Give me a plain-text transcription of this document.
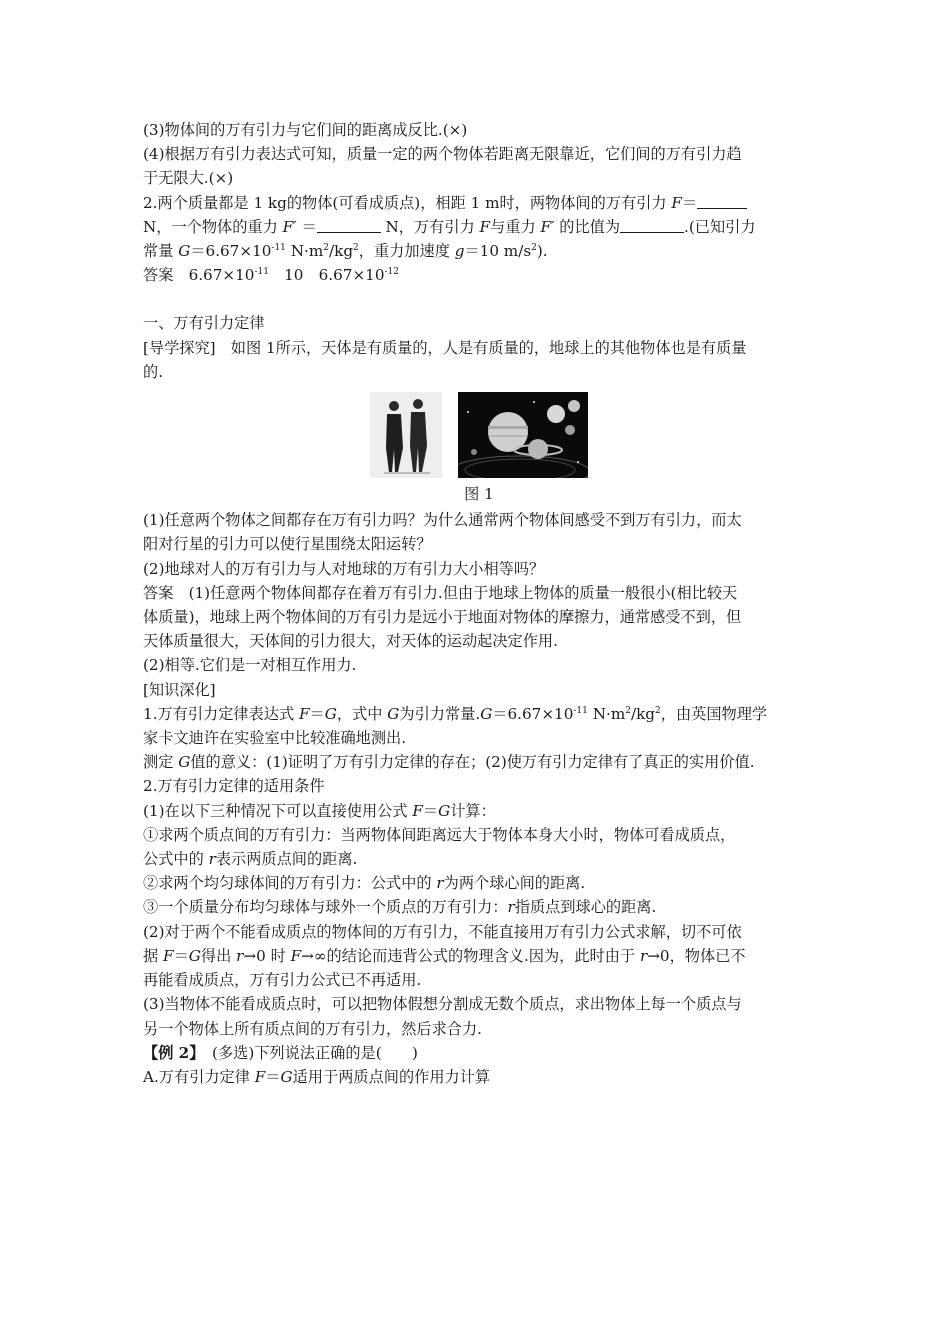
(3)物体间的万有引力与它们间的距离成反比.(×)

(4)根据万有引力表达式可知，质量一定的两个物体若距离无限靠近，它们间的万有引力趋

于无限大.(×)

2.两个质量都是 1 kg的物体(可看成质点)，相距 1 m时，两物体间的万有引力 F＝

N，一个物体的重力 F′ ＝	N，万有引力 F与重力 F′ 的比值为	.(已知引力

常量 $G=6.67\times 10^{-11}$ $N\cdot m^2/kg^2$，重力加速度 g＝10 $m/s^2$).

答案　$6.67\times 10^{-11}$　10　$6.67\times 10^{-12}$

一、万有引力定律

[导学探究]　如图 1所示，天体是有质量的，人是有质量的，地球上的其他物体也是有质量

的.

图 1

(1)任意两个物体之间都存在万有引力吗？为什么通常两个物体间感受不到万有引力，而太

阳对行星的引力可以使行星围绕太阳运转？

(2)地球对人的万有引力与人对地球的万有引力大小相等吗？

答案　(1)任意两个物体间都存在着万有引力.但由于地球上物体的质量一般很小(相比较天

体质量)，地球上两个物体间的万有引力是远小于地面对物体的摩擦力，通常感受不到，但

天体质量很大，天体间的引力很大，对天体的运动起决定作用.

(2)相等.它们是一对相互作用力.

[知识深化]

1.万有引力定律表达式 F＝G，式中 G为引力常量$.G=6.67\times 10^{-11}$ $N\cdot m^2/kg^2$，由英国物理学

家卡文迪许在实验室中比较准确地测出.

测定 G值的意义：(1)证明了万有引力定律的存在；(2)使万有引力定律有了真正的实用价值.

2.万有引力定律的适用条件

(1)在以下三种情况下可以直接使用公式 F＝G计算：

①求两个质点间的万有引力：当两物体间距离远大于物体本身大小时，物体可看成质点，

公式中的 r表示两质点间的距离.

②求两个均匀球体间的万有引力：公式中的 r为两个球心间的距离.

③一个质量分布均匀球体与球外一个质点的万有引力：r指质点到球心的距离.

(2)对于两个不能看成质点的物体间的万有引力，不能直接用万有引力公式求解，切不可依

据 F＝G得出 r→0 时 F→∞的结论而违背公式的物理含义.因为，此时由于 r→0，物体已不

再能看成质点，万有引力公式已不再适用.

(3)当物体不能看成质点时，可以把物体假想分割成无数个质点，求出物体上每一个质点与

另一个物体上所有质点间的万有引力，然后求合力.

【例 2】　(多选)下列说法正确的是(　　)

A.万有引力定律 F＝G适用于两质点间的作用力计算
